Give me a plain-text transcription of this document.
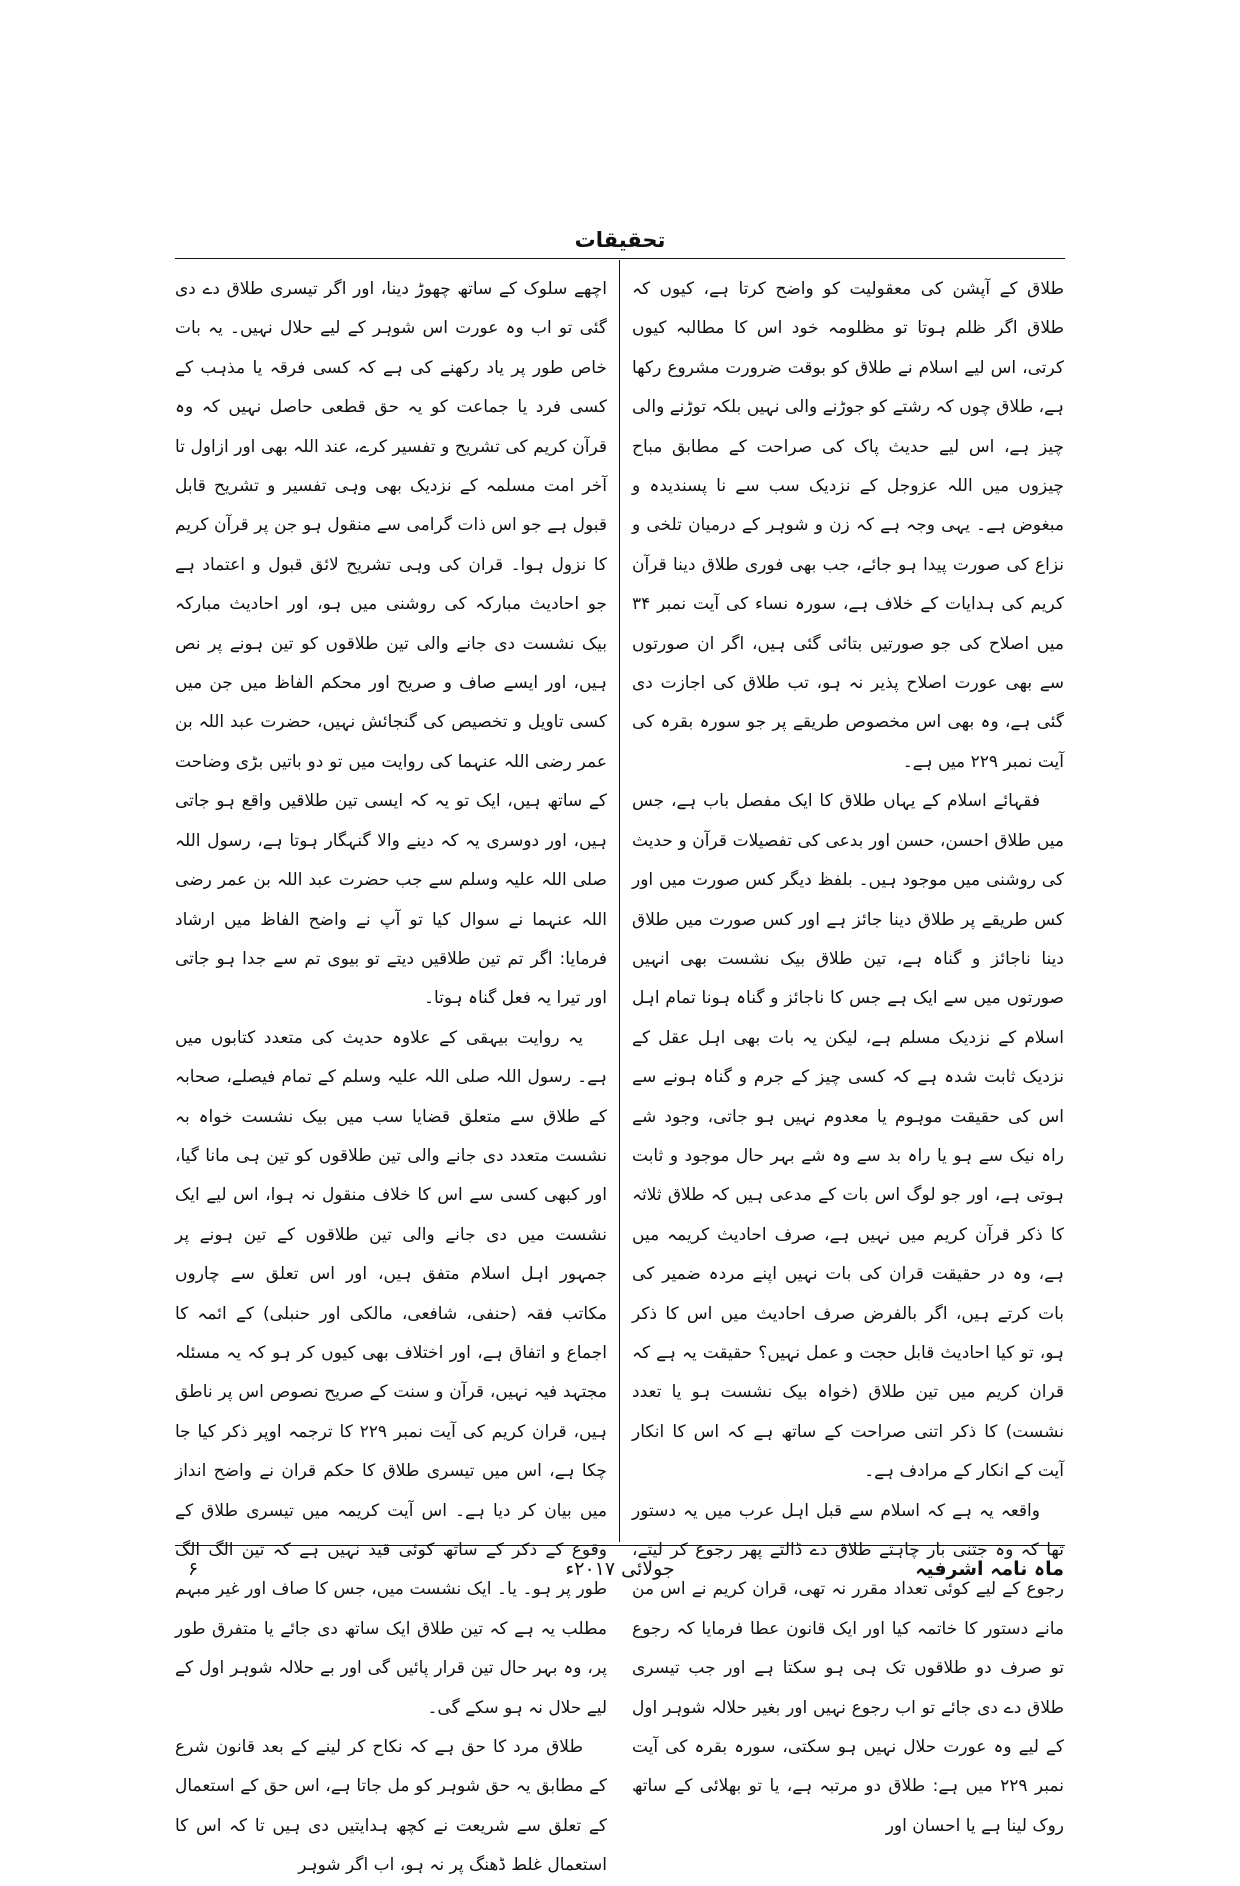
تحقیقات

طلاق کے آپشن کی معقولیت کو واضح کرتا ہے، کیوں کہ طلاق اگر ظلم ہوتا تو مظلومہ خود اس کا مطالبہ کیوں کرتی، اس لیے اسلام نے طلاق کو بوقت ضرورت مشروع رکھا ہے، طلاق چوں کہ رشتے کو جوڑنے والی نہیں بلکہ توڑنے والی چیز ہے، اس لیے حدیث پاک کی صراحت کے مطابق مباح چیزوں میں اللہ عزوجل کے نزدیک سب سے نا پسندیدہ و مبغوض ہے۔ یہی وجہ ہے کہ زن و شوہر کے درمیان تلخی و نزاع کی صورت پیدا ہو جائے، جب بھی فوری طلاق دینا قرآن کریم کی ہدایات کے خلاف ہے، سورہ نساء کی آیت نمبر ۳۴ میں اصلاح کی جو صورتیں بتائی گئی ہیں، اگر ان صورتوں سے بھی عورت اصلاح پذیر نہ ہو، تب طلاق کی اجازت دی گئی ہے، وہ بھی اس مخصوص طریقے پر جو سورہ بقرہ کی آیت نمبر ۲۲۹ میں ہے۔

فقہائے اسلام کے یہاں طلاق کا ایک مفصل باب ہے، جس میں طلاق احسن، حسن اور بدعی کی تفصیلات قرآن و حدیث کی روشنی میں موجود ہیں۔ بلفظ دیگر کس صورت میں اور کس طریقے پر طلاق دینا جائز ہے اور کس صورت میں طلاق دینا ناجائز و گناہ ہے، تین طلاق بیک نشست بھی انہیں صورتوں میں سے ایک ہے جس کا ناجائز و گناہ ہونا تمام اہل اسلام کے نزدیک مسلم ہے، لیکن یہ بات بھی اہل عقل کے نزدیک ثابت شدہ ہے کہ کسی چیز کے جرم و گناہ ہونے سے اس کی حقیقت موہوم یا معدوم نہیں ہو جاتی، وجود شے راہ نیک سے ہو یا راہ بد سے وہ شے بہر حال موجود و ثابت ہوتی ہے، اور جو لوگ اس بات کے مدعی ہیں کہ طلاق ثلاثہ کا ذکر قرآن کریم میں نہیں ہے، صرف احادیث کریمہ میں ہے، وہ در حقیقت قران کی بات نہیں اپنے مردہ ضمیر کی بات کرتے ہیں، اگر بالفرض صرف احادیث میں اس کا ذکر ہو، تو کیا احادیث قابل حجت و عمل نہیں؟ حقیقت یہ ہے کہ قران کریم میں تین طلاق (خواہ بیک نشست ہو یا تعدد نشست) کا ذکر اتنی صراحت کے ساتھ ہے کہ اس کا انکار آیت کے انکار کے مرادف ہے۔

واقعہ یہ ہے کہ اسلام سے قبل اہل عرب میں یہ دستور تھا کہ وہ جتنی بار چاہتے طلاق دے ڈالتے پھر رجوع کر لیتے، رجوع کے لیے کوئی تعداد مقرر نہ تھی، قران کریم نے اس من مانے دستور کا خاتمہ کیا اور ایک قانون عطا فرمایا کہ رجوع تو صرف دو طلاقوں تک ہی ہو سکتا ہے اور جب تیسری طلاق دے دی جائے تو اب رجوع نہیں اور بغیر حلالہ شوہر اول کے لیے وہ عورت حلال نہیں ہو سکتی، سورہ بقرہ کی آیت نمبر ۲۲۹ میں ہے: طلاق دو مرتبہ ہے، یا تو بھلائی کے ساتھ روک لینا ہے یا احسان اور

اچھے سلوک کے ساتھ چھوڑ دینا، اور اگر تیسری طلاق دے دی گئی تو اب وہ عورت اس شوہر کے لیے حلال نہیں۔ یہ بات خاص طور پر یاد رکھنے کی ہے کہ کسی فرقہ یا مذہب کے کسی فرد یا جماعت کو یہ حق قطعی حاصل نہیں کہ وہ قرآن کریم کی تشریح و تفسیر کرے، عند اللہ بھی اور ازاول تا آخر امت مسلمہ کے نزدیک بھی وہی تفسیر و تشریح قابل قبول ہے جو اس ذات گرامی سے منقول ہو جن پر قرآن کریم کا نزول ہوا۔ قران کی وہی تشریح لائق قبول و اعتماد ہے جو احادیث مبارکہ کی روشنی میں ہو، اور احادیث مبارکہ بیک نشست دی جانے والی تین طلاقوں کو تین ہونے پر نص ہیں، اور ایسے صاف و صریح اور محکم الفاظ میں جن میں کسی تاویل و تخصیص کی گنجائش نہیں، حضرت عبد اللہ بن عمر رضی اللہ عنہما کی روایت میں تو دو باتیں بڑی وضاحت کے ساتھ ہیں، ایک تو یہ کہ ایسی تین طلاقیں واقع ہو جاتی ہیں، اور دوسری یہ کہ دینے والا گنہگار ہوتا ہے، رسول اللہ صلی اللہ علیہ وسلم سے جب حضرت عبد اللہ بن عمر رضی اللہ عنہما نے سوال کیا تو آپ نے واضح الفاظ میں ارشاد فرمایا: اگر تم تین طلاقیں دیتے تو بیوی تم سے جدا ہو جاتی اور تیرا یہ فعل گناہ ہوتا۔

یہ روایت بیہقی کے علاوہ حدیث کی متعدد کتابوں میں ہے۔ رسول اللہ صلی اللہ علیہ وسلم کے تمام فیصلے، صحابہ کے طلاق سے متعلق قضایا سب میں بیک نشست خواہ بہ نشست متعدد دی جانے والی تین طلاقوں کو تین ہی مانا گیا، اور کبھی کسی سے اس کا خلاف منقول نہ ہوا، اس لیے ایک نشست میں دی جانے والی تین طلاقوں کے تین ہونے پر جمہور اہل اسلام متفق ہیں، اور اس تعلق سے چاروں مکاتب فقہ (حنفی، شافعی، مالکی اور حنبلی) کے ائمہ کا اجماع و اتفاق ہے، اور اختلاف بھی کیوں کر ہو کہ یہ مسئلہ مجتہد فیہ نہیں، قرآن و سنت کے صریح نصوص اس پر ناطق ہیں، قران کریم کی آیت نمبر ۲۲۹ کا ترجمہ اوپر ذکر کیا جا چکا ہے، اس میں تیسری طلاق کا حکم قران نے واضح انداز میں بیان کر دیا ہے۔ اس آیت کریمہ میں تیسری طلاق کے وقوع کے ذکر کے ساتھ کوئی قید نہیں ہے کہ تین الگ الگ طور پر ہو۔ یا۔ ایک نشست میں، جس کا صاف اور غیر مبہم مطلب یہ ہے کہ تین طلاق ایک ساتھ دی جائے یا متفرق طور پر، وہ بہر حال تین قرار پائیں گی اور بے حلالہ شوہر اول کے لیے حلال نہ ہو سکے گی۔

طلاق مرد کا حق ہے کہ نکاح کر لینے کے بعد قانون شرع کے مطابق یہ حق شوہر کو مل جاتا ہے، اس حق کے استعمال کے تعلق سے شریعت نے کچھ ہدایتیں دی ہیں تا کہ اس کا استعمال غلط ڈھنگ پر نہ ہو، اب اگر شوہر

ماہ نامہ اشرفیہ
جولائی ۲۰۱۷ء
۶
